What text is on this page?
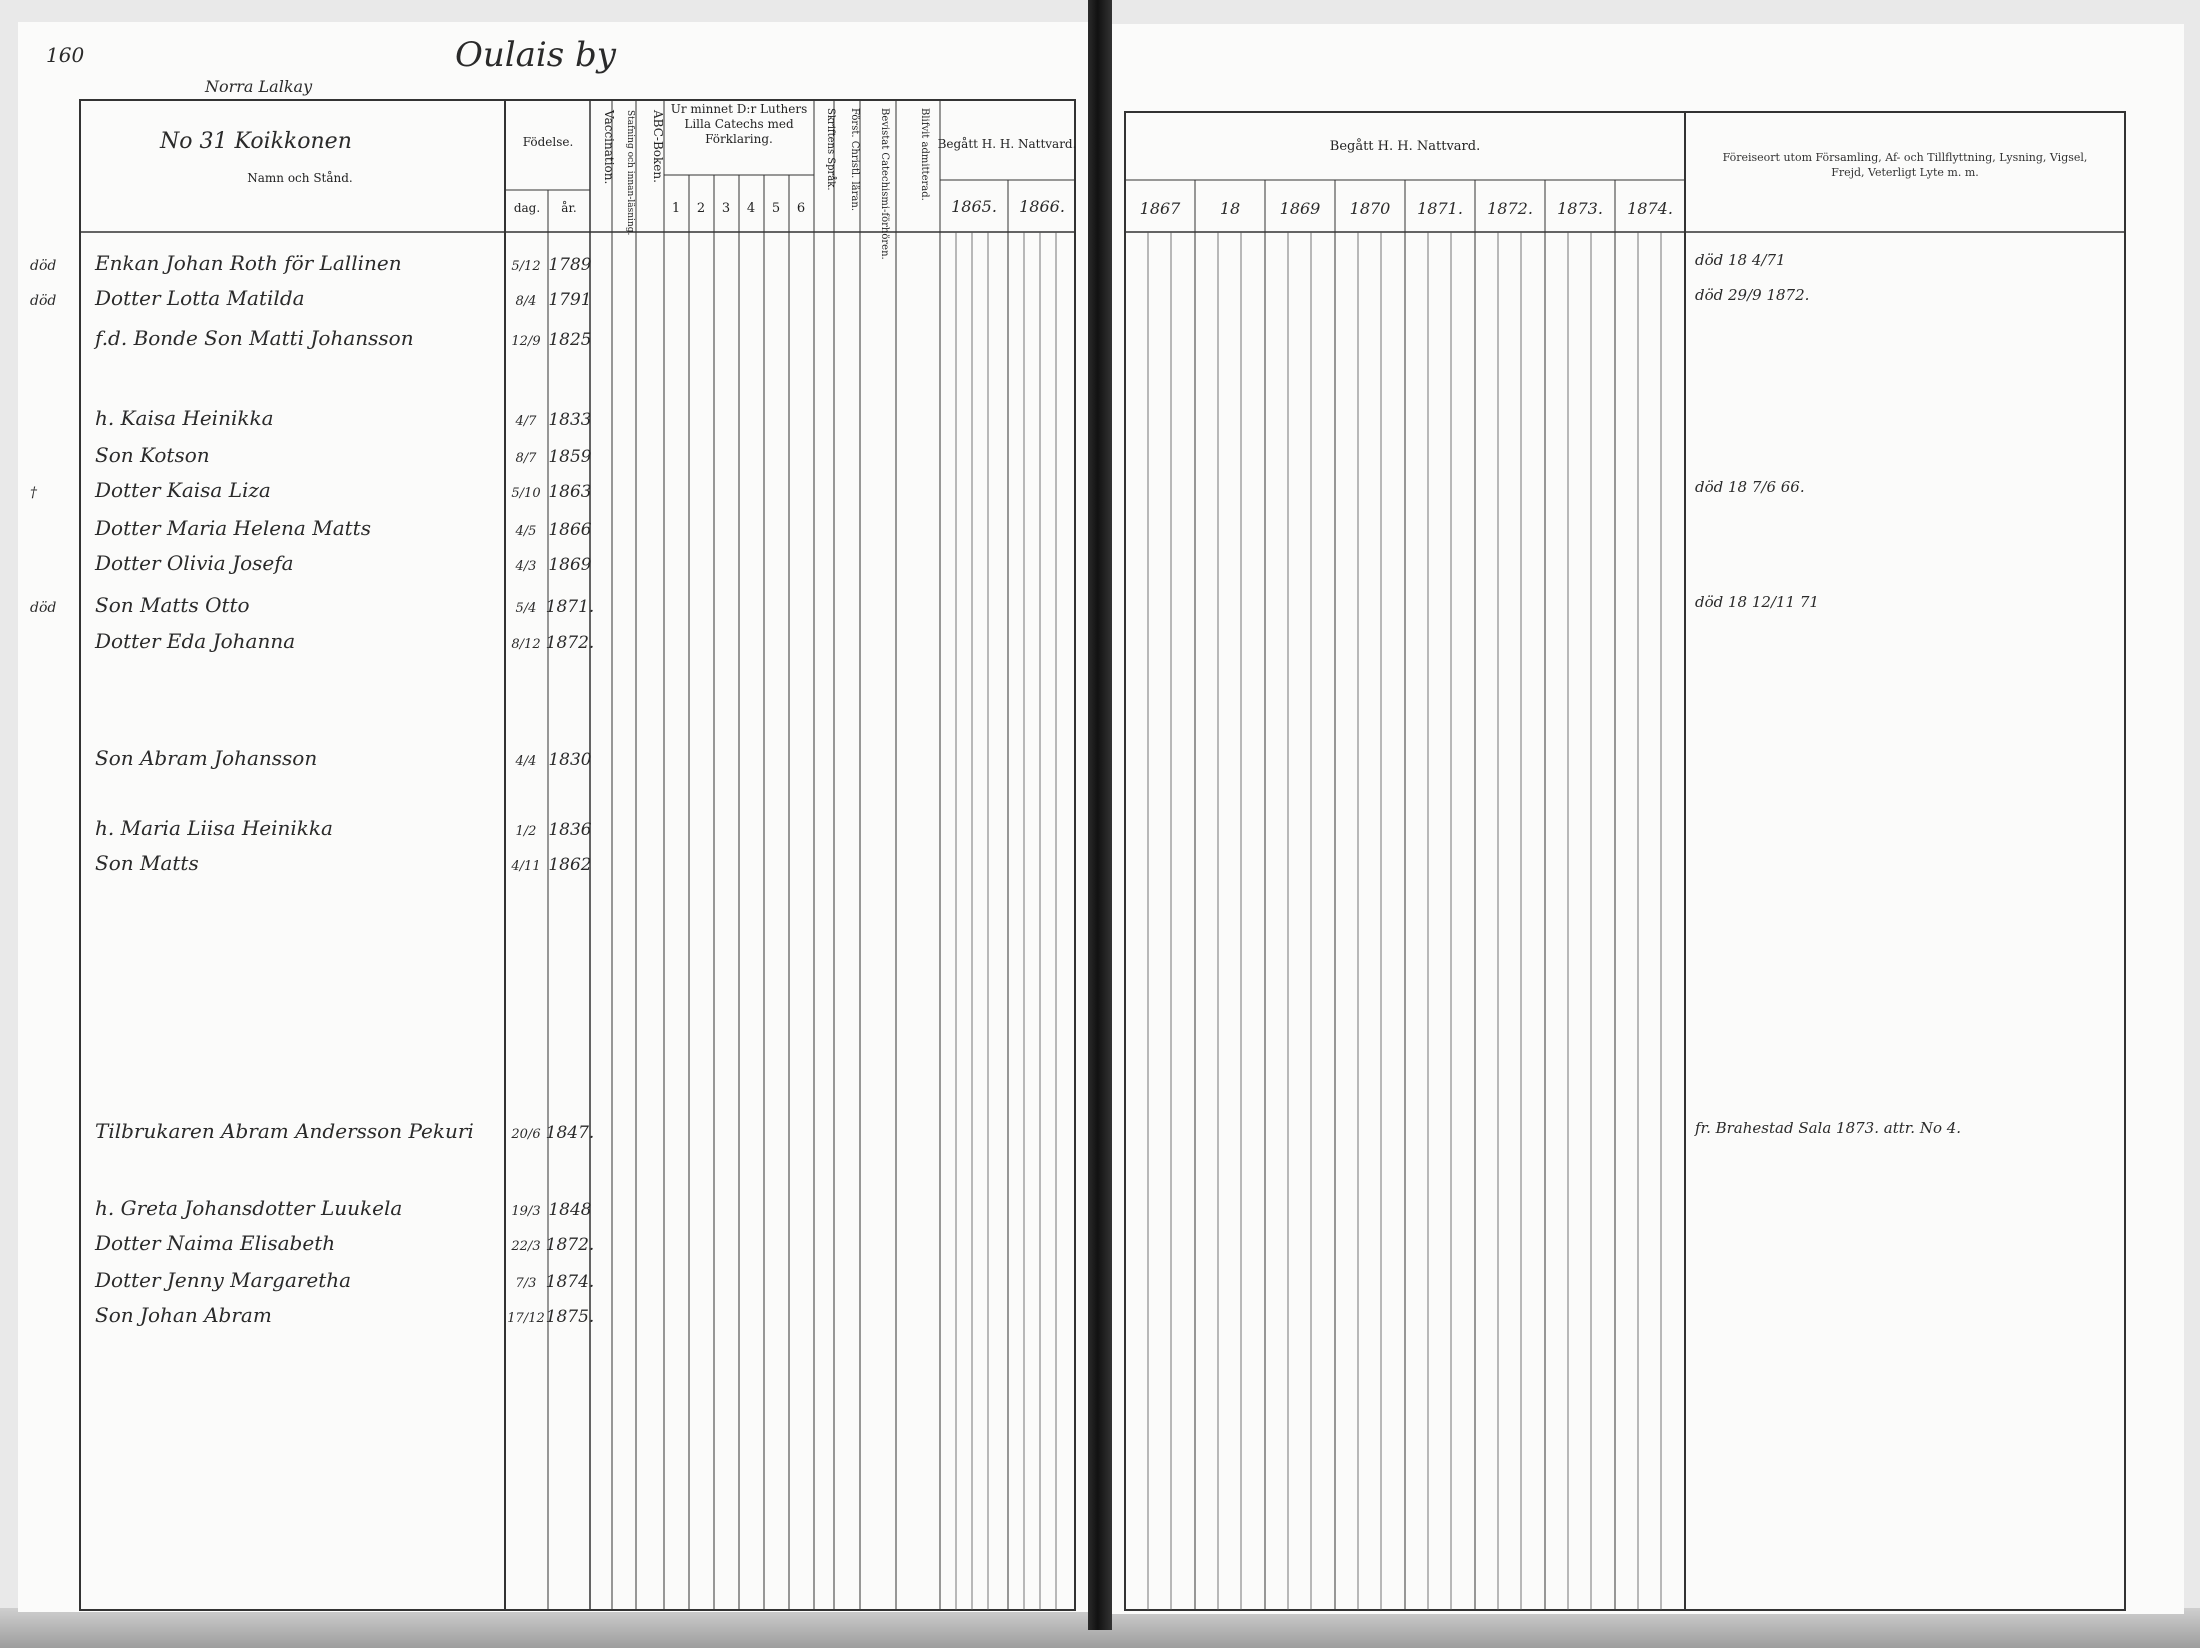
160	Oulais by
Norra Lalkay
No 31 Koikkonen
Namn och Stånd.
Födelse.
dag. år.
Vaccination. Stafning och innan-läsning. ABC-Boken.
Ur minnet D:r Luthers Lilla Catechs med Förklaring.
1 2 3 4 5 6
Skriftens Språk. Först. Christl. läran. Bevistat Catechismi-förhören.	Blifvit admitterad. Begått H. H. Nattvard.
1865. 1866.
Begått H. H. Nattvard.
1867 18 1869 1870 1871. 1872. 1873. 1874.
Föreiseort utom Församling, Af- och Tillflyttning, Lysning, Vigsel, Frejd, Veterligt Lyte m. m.
död Enkan Johan Roth för Lallinen	5/12 1789	död 18 4/71
död Dotter Lotta Matilda	8/4 1791	död 29/9 1872.
f.d. Bonde Son Matti Johansson	12/9 1825
h. Kaisa Heinikka	4/7 1833
Son Kotson	8/7 1859
†	Dotter Kaisa Liza	5/10 1863	död 18 7/6 66.
Dotter Maria Helena Matts	4/5 1866
Dotter Olivia Josefa	4/3 1869
död Son Matts Otto	5/4 1871.	död 18 12/11 71
Dotter Eda Johanna	8/12 1872.
Son Abram Johansson	4/4 1830
h. Maria Liisa Heinikka	1/2 1836
Son Matts	4/11 1862
Tilbrukaren Abram Andersson Pekuri	20/6 1847.	fr. Brahestad Sala 1873. attr. No 4.
h. Greta Johansdotter Luukela	19/3 1848
Dotter Naima Elisabeth	22/3 1872.
Dotter Jenny Margaretha	7/3 1874.
Son Johan Abram	17/12 1875.
